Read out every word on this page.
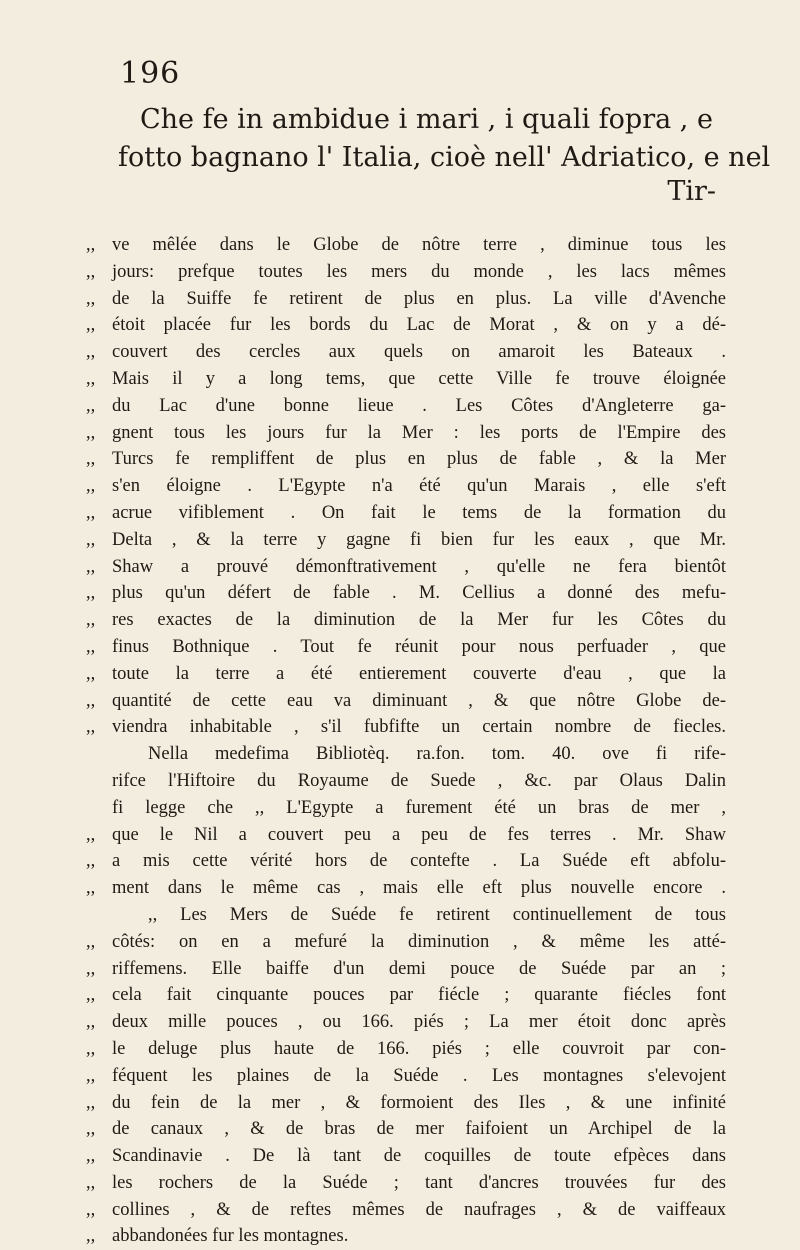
196
Che fe in ambidue i mari , i quali fopra , e
fotto bagnano l' Italia, cioè nell' Adriatico, e nel
Tir-
,, ve mêlée dans le Globe de nôtre terre , diminue tous les
,, jours: prefque toutes les mers du monde , les lacs mêmes
,, de la Suiffe fe retirent de plus en plus. La ville d'Avenche
,, étoit placée fur les bords du Lac de Morat , & on y a dé-
,, couvert des cercles aux quels on amaroit les Bateaux .
,, Mais il y a long tems, que cette Ville fe trouve éloignée
,, du Lac d'une bonne lieue . Les Côtes d'Angleterre ga-
,, gnent tous les jours fur la Mer : les ports de l'Empire des
,, Turcs fe rempliffent de plus en plus de fable , & la Mer
,, s'en éloigne . L'Egypte n'a été qu'un Marais , elle s'eft
,, acrue vifiblement . On fait le tems de la formation du
,, Delta , & la terre y gagne fi bien fur les eaux , que Mr.
,, Shaw a prouvé démonftrativement , qu'elle ne fera bientôt
,, plus qu'un défert de fable . M. Cellius a donné des mefu-
,, res exactes de la diminution de la Mer fur les Côtes du
,, finus Bothnique . Tout fe réunit pour nous perfuader , que
,, toute la terre a été entierement couverte d'eau , que la
,, quantité de cette eau va diminuant , & que nôtre Globe de-
,, viendra inhabitable , s'il fubfifte un certain nombre de fiecles.
Nella medefima Bibliotèq. ra.fon. tom. 40. ove fi rife-
rifce l'Hiftoire du Royaume de Suede , &c. par Olaus Dalin
fi legge che ,, L'Egypte a furement été un bras de mer ,
,, que le Nil a couvert peu a peu de fes terres . Mr. Shaw
,, a mis cette vérité hors de contefte . La Suéde eft abfolu-
,, ment dans le même cas , mais elle eft plus nouvelle encore .
,, Les Mers de Suéde fe retirent continuellement de tous
,, côtés: on en a mefuré la diminution , & même les atté-
,, riffemens. Elle baiffe d'un demi pouce de Suéde par an ;
,, cela fait cinquante pouces par fiécle ; quarante fiécles font
,, deux mille pouces , ou 166. piés ; La mer étoit donc après
,, le deluge plus haute de 166. piés ; elle couvroit par con-
,, féquent les plaines de la Suéde . Les montagnes s'elevojent
,, du fein de la mer , & formoient des Iles , & une infinité
,, de canaux , & de bras de mer faifoient un Archipel de la
,, Scandinavie . De là tant de coquilles de toute efpèces dans
,, les rochers de la Suéde ; tant d'ancres trouvées fur des
,, collines , & de reftes mêmes de naufrages , & de vaiffeaux
,, abbandonées fur les montagnes.
